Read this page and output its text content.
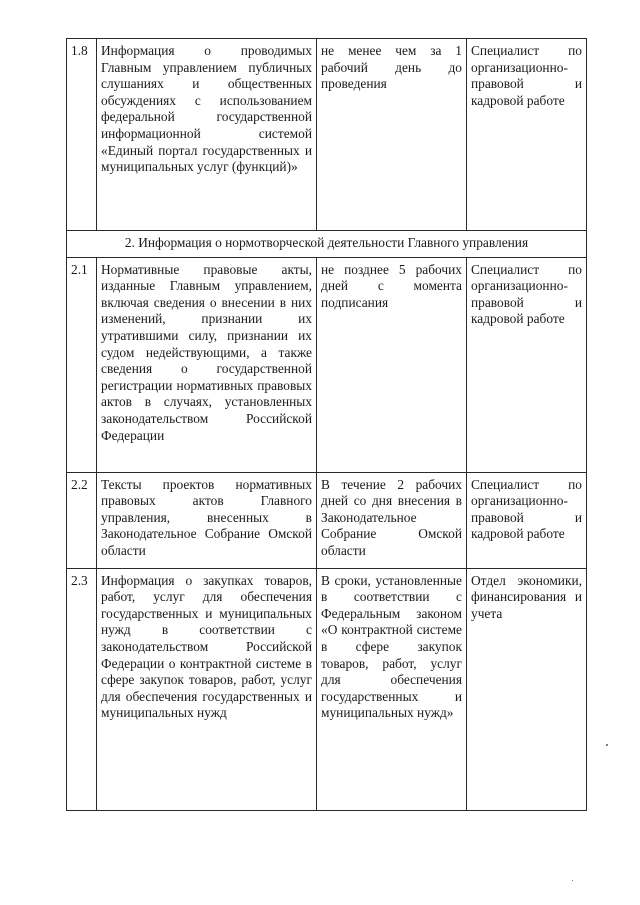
1.8	Информация о проводимых Главным управлением публичных слушаниях и общественных обсуждениях с использованием федеральной государственной информационной системой «Единый портал государственных и муниципальных услуг (функций)»	не менее чем за 1 рабочий день до проведения	Специалист по организационно-правовой и кадровой работе
2. Информация о нормотворческой деятельности Главного управления			
2.1	Нормативные правовые акты, изданные Главным управлением, включая сведения о внесении в них изменений, признании их утратившими силу, признании их судом недействующими, а также сведения о государственной регистрации нормативных правовых актов в случаях, установленных законодательством Российской Федерации	не позднее 5 рабочих дней с момента подписания	Специалист по организационно-правовой и кадровой работе
2.2	Тексты проектов нормативных правовых актов Главного управления, внесенных в Законодательное Собрание Омской области	В течение 2 рабочих дней со дня внесения в Законодательное Собрание Омской области	Специалист по организационно-правовой и кадровой работе
2.3	Информация о закупках товаров, работ, услуг для обеспечения государственных и муниципальных нужд в соответствии с законодательством Российской Федерации о контрактной системе в сфере закупок товаров, работ, услуг для обеспечения государственных и муниципальных нужд	В сроки, установленные в соответствии с Федеральным законом «О контрактной системе в сфере закупок товаров, работ, услуг для обеспечения государственных и муниципальных нужд»	Отдел экономики, финансирования и учета
